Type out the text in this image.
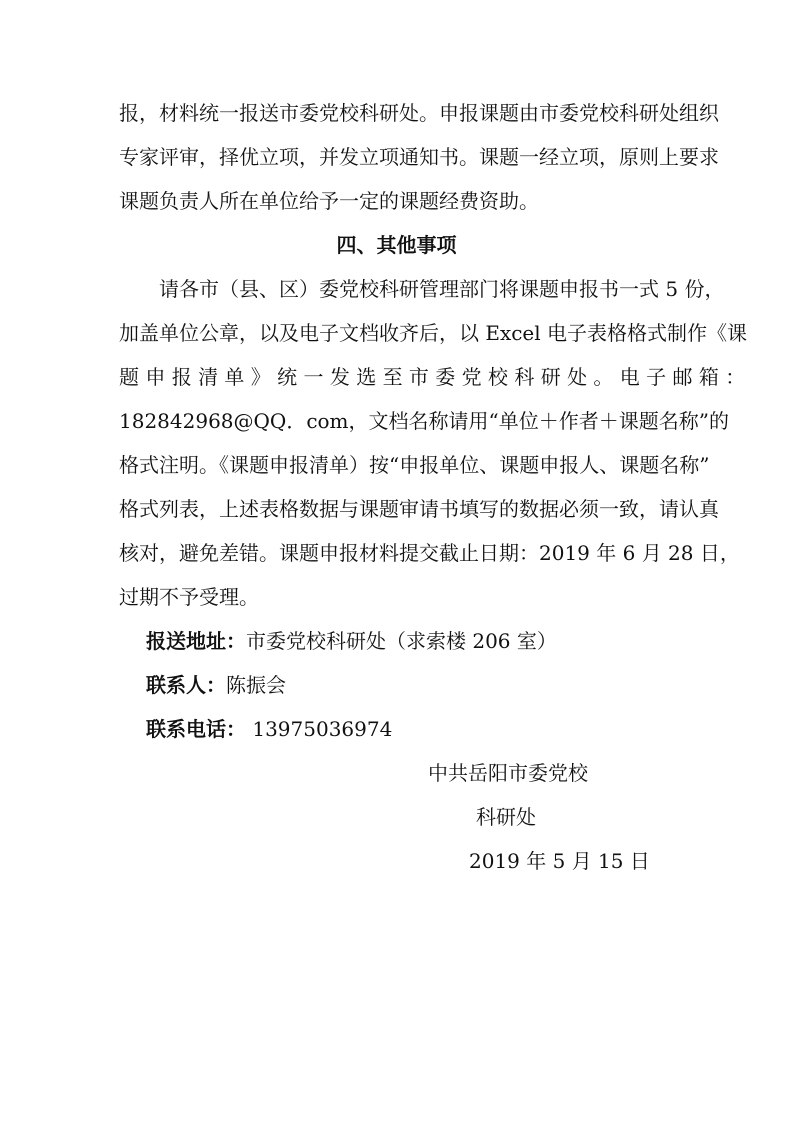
报，材料统一报送市委党校科研处。申报课题由市委党校科研处组织
专家评审，择优立项，并发立项通知书。课题一经立项，原则上要求
课题负责人所在单位给予一定的课题经费资助。
四、其他事项
请各市（县、区）委党校科研管理部门将课题申报书一式 5 份，
加盖单位公章，以及电子文档收齐后，以 Excel 电子表格格式制作《课
题 申 报 清 单 》 统 一 发 选 至 市 委 党 校 科 研 处 。 电 子 邮 箱 ：
182842968@QQ．com，文档名称请用“单位＋作者＋课题名称”的
格式注明。《课题申报清单）按“申报单位、课题申报人、课题名称”
格式列表，上述表格数据与课题审请书填写的数据必须一致，请认真
核对，避免差错。课题申报材料提交截止日期：2019 年 6 月 28 日，
过期不予受理。
报送地址：市委党校科研处（求索楼 206 室）
联系人：陈振会
联系电话： 13975036974
中共岳阳市委党校
科研处
2019 年 5 月 15 日
